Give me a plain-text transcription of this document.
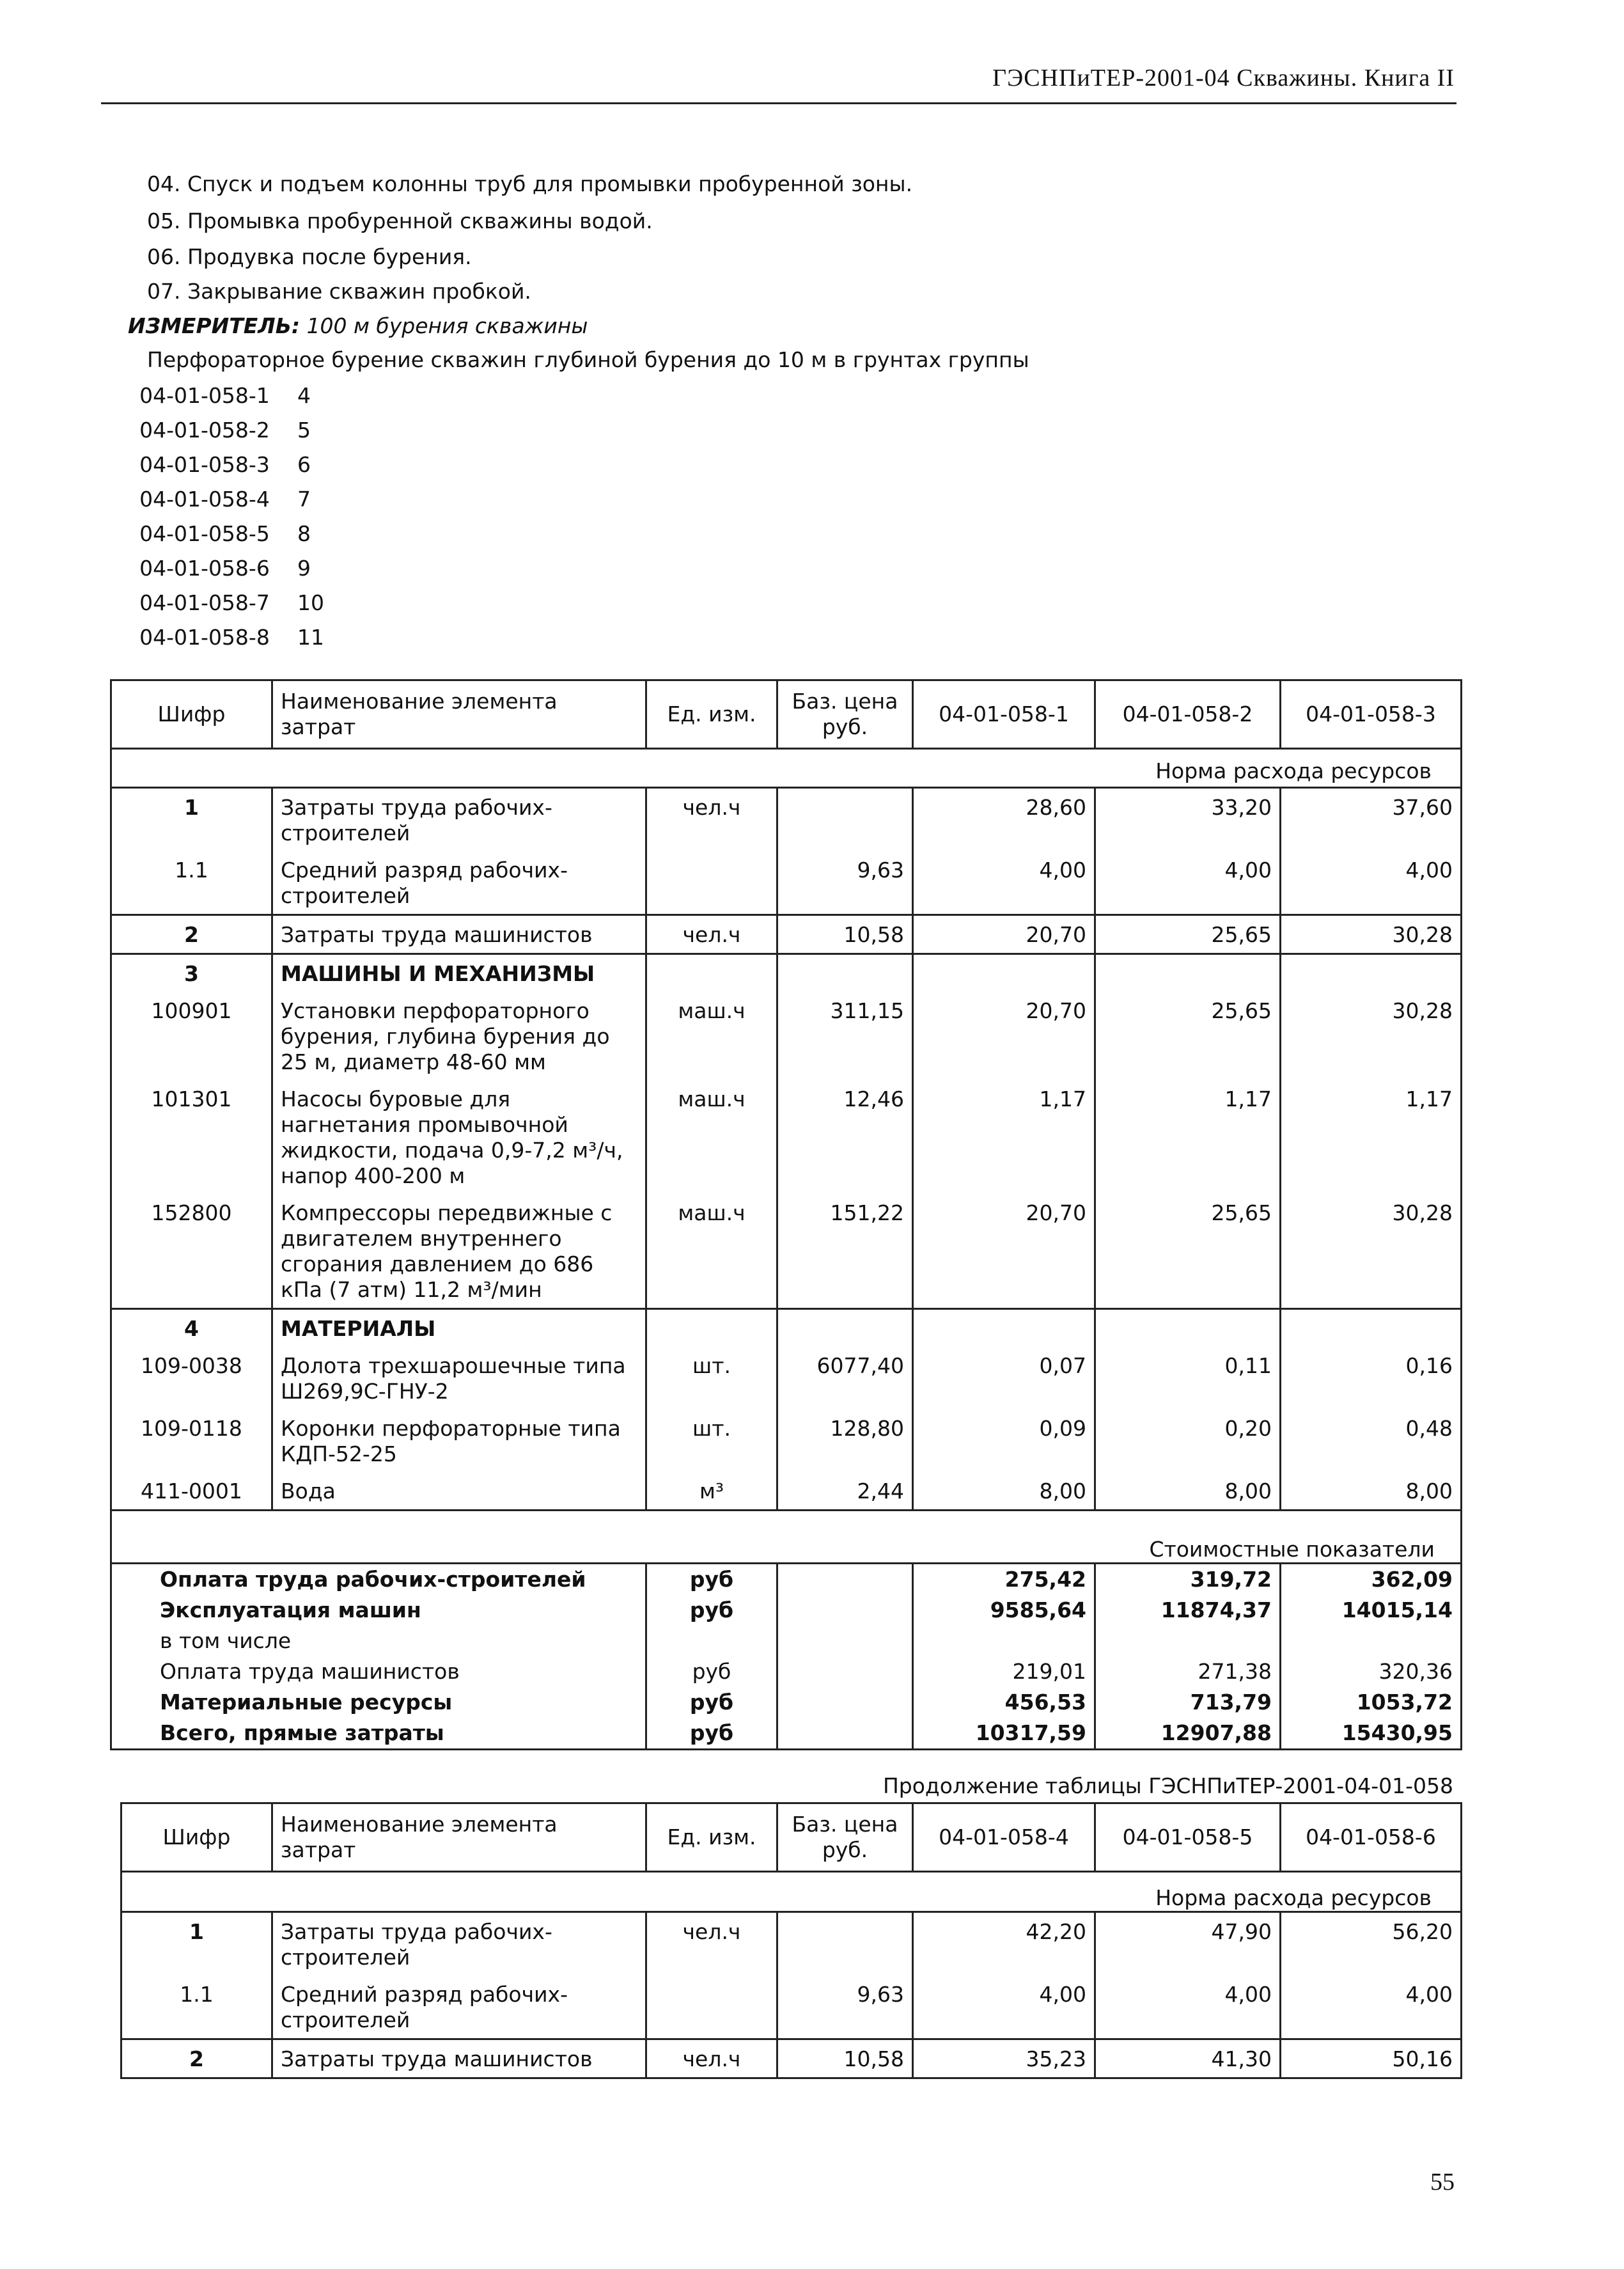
ГЭСНПиТЕР-2001-04 Скважины. Книга II
04. Спуск и подъем колонны труб для промывки пробуренной зоны.
05. Промывка пробуренной скважины водой.
06. Продувка после бурения.
07. Закрывание скважин пробкой.
ИЗМЕРИТЕЛЬ: 100 м бурения скважины
Перфораторное бурение скважин глубиной бурения до 10 м в грунтах группы
04-01-058-1 4
04-01-058-2 5
04-01-058-3 6
04-01-058-4 7
04-01-058-5 8
04-01-058-6 9
04-01-058-7 10
04-01-058-8 11
Шифр	Наименование элемента затрат	Ед. изм.	Баз. цена руб.	04-01-058-1	04-01-058-2	04-01-058-3
Норма расхода ресурсов						
1	Затраты труда рабочих-строителей	чел.ч		28,60	33,20	37,60
1.1	Средний разряд рабочих-строителей		9,63	4,00	4,00	4,00
2	Затраты труда машинистов	чел.ч	10,58	20,70	25,65	30,28
3	МАШИНЫ И МЕХАНИЗМЫ					
100901	Установки перфораторного бурения, глубина бурения до 25 м, диаметр 48-60 мм	маш.ч	311,15	20,70	25,65	30,28
101301	Насосы буровые для нагнетания промывочной жидкости, подача 0,9-7,2 м³/ч, напор 400-200 м	маш.ч	12,46	1,17	1,17	1,17
152800	Компрессоры передвижные с двигателем внутреннего сгорания давлением до 686 кПа (7 атм) 11,2 м³/мин	маш.ч	151,22	20,70	25,65	30,28
4	МАТЕРИАЛЫ					
109-0038	Долота трехшарошечные типа Ш269,9С-ГНУ-2	шт.	6077,40	0,07	0,11	0,16
109-0118	Коронки перфораторные типа КДП-52-25	шт.	128,80	0,09	0,20	0,48
411-0001	Вода	м³	2,44	8,00	8,00	8,00
Стоимостные показатели						
Оплата труда рабочих-строителей		руб		275,42	319,72	362,09
Эксплуатация машин		руб		9585,64	11874,37	14015,14
в том числе						
Оплата труда машинистов		руб		219,01	271,38	320,36
Материальные ресурсы		руб		456,53	713,79	1053,72
Всего, прямые затраты		руб		10317,59	12907,88	15430,95
Продолжение таблицы ГЭСНПиТЕР-2001-04-01-058
Шифр	Наименование элемента затрат	Ед. изм.	Баз. цена руб.	04-01-058-4	04-01-058-5	04-01-058-6
Норма расхода ресурсов						
1	Затраты труда рабочих-строителей	чел.ч		42,20	47,90	56,20
1.1	Средний разряд рабочих-строителей		9,63	4,00	4,00	4,00
2	Затраты труда машинистов	чел.ч	10,58	35,23	41,30	50,16
55
